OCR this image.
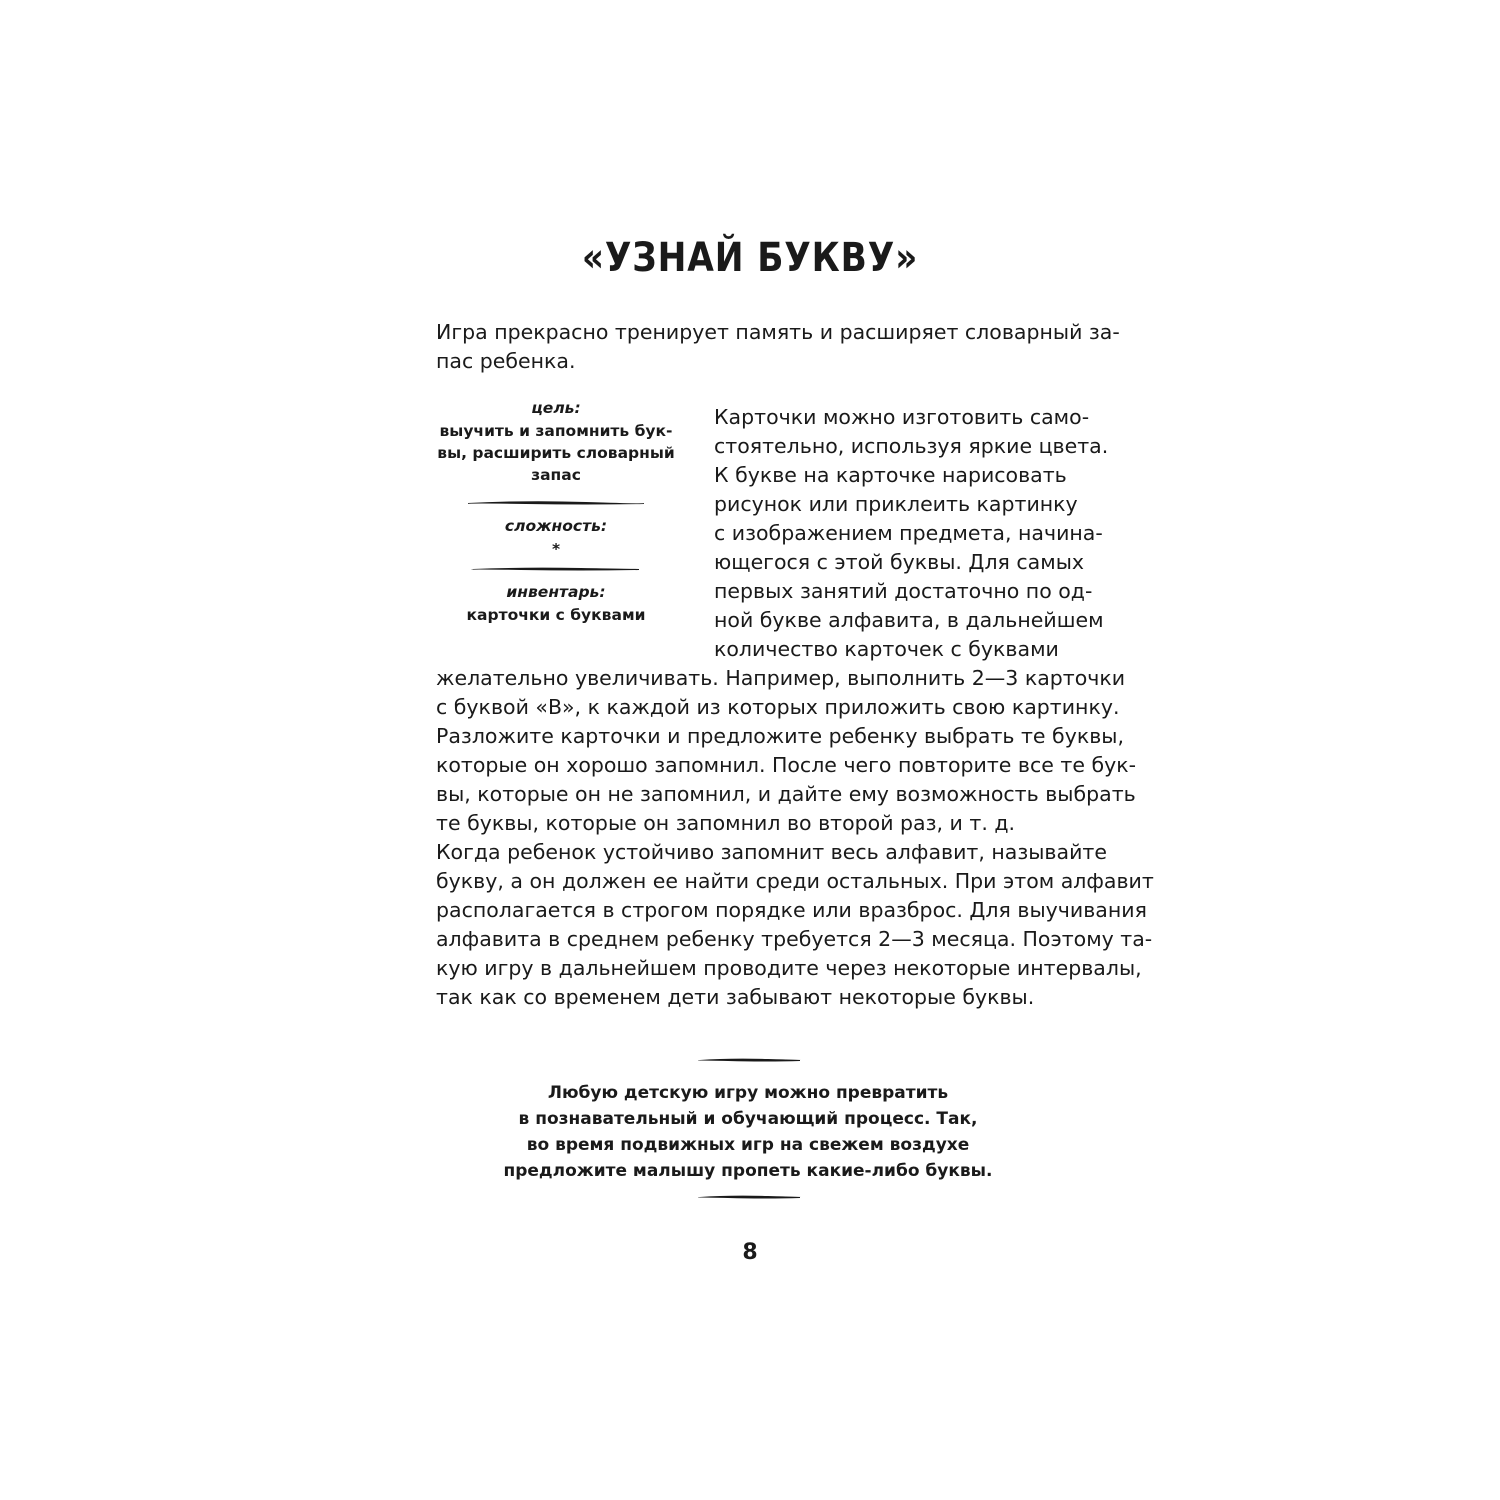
«УЗНАЙ БУКВУ»
Игра прекрасно тренирует память и расширяет словарный за-
пас ребенка.
цель:
выучить и запомнить бук-
вы, расширить словарный
запас
сложность:
*
инвентарь:
карточки с буквами
Карточки можно изготовить само-
стоятельно, используя яркие цвета.
К букве на карточке нарисовать
рисунок или приклеить картинку
с изображением предмета, начина-
ющегося с этой буквы. Для самых
первых занятий достаточно по од-
ной букве алфавита, в дальнейшем
количество карточек с буквами
желательно увеличивать. Например, выполнить 2—3 карточки
с буквой «В», к каждой из которых приложить свою картинку.
Разложите карточки и предложите ребенку выбрать те буквы,
которые он хорошо запомнил. После чего повторите все те бук-
вы, которые он не запомнил, и дайте ему возможность выбрать
те буквы, которые он запомнил во второй раз, и т. д.
Когда ребенок устойчиво запомнит весь алфавит, называйте
букву, а он должен ее найти среди остальных. При этом алфавит
располагается в строгом порядке или вразброс. Для выучивания
алфавита в среднем ребенку требуется 2—3 месяца. Поэтому та-
кую игру в дальнейшем проводите через некоторые интервалы,
так как со временем дети забывают некоторые буквы.
Любую детскую игру можно превратить
в познавательный и обучающий процесс. Так,
во время подвижных игр на свежем воздухе
предложите малышу пропеть какие-либо буквы.
8
